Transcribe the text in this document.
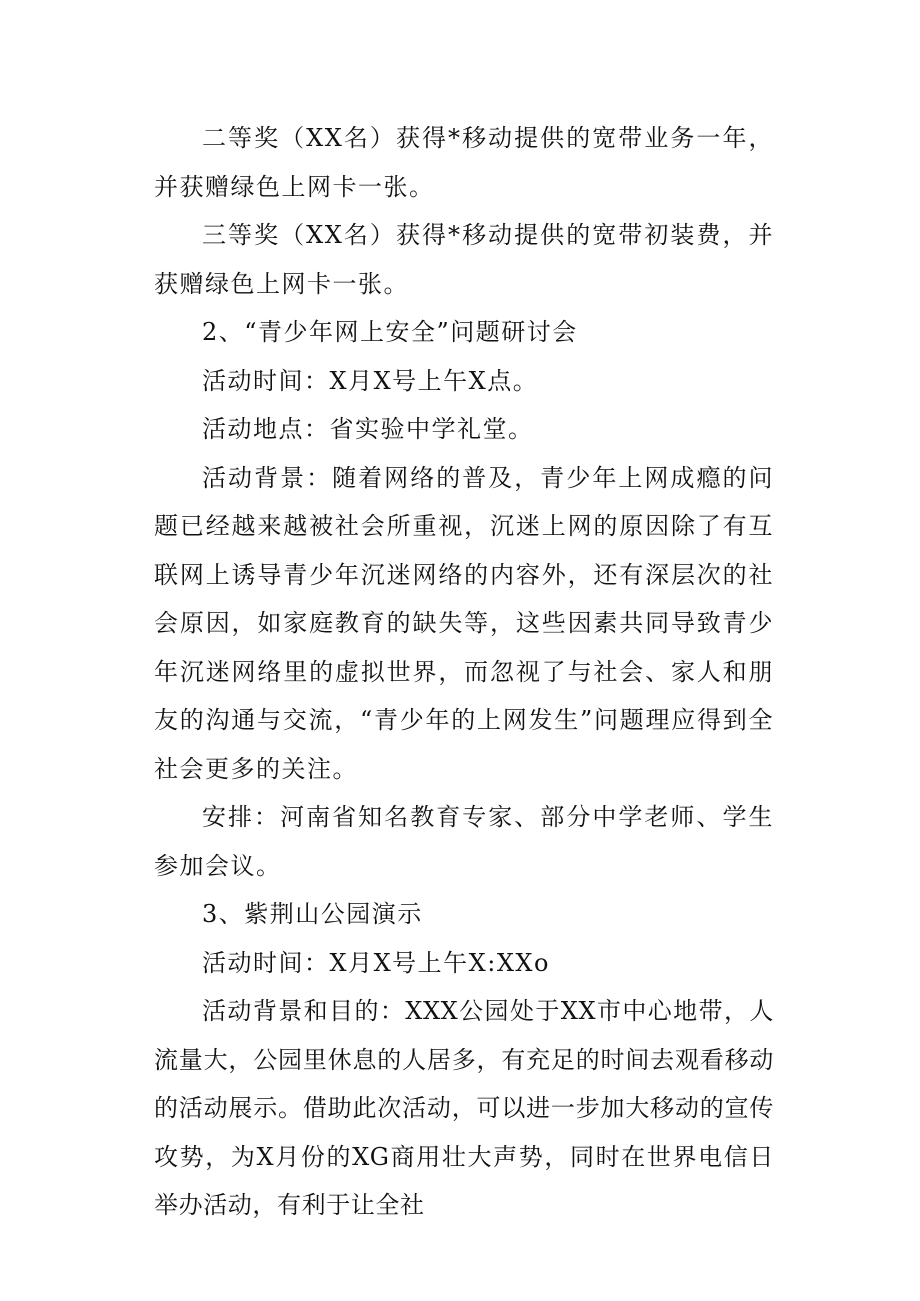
二等奖（XX名）获得*移动提供的宽带业务一年，并获赠绿色上网卡一张。

三等奖（XX名）获得*移动提供的宽带初装费，并获赠绿色上网卡一张。

2、“青少年网上安全”问题研讨会

活动时间：X月X号上午X点。

活动地点：省实验中学礼堂。

活动背景：随着网络的普及，青少年上网成瘾的问题已经越来越被社会所重视，沉迷上网的原因除了有互联网上诱导青少年沉迷网络的内容外，还有深层次的社会原因，如家庭教育的缺失等，这些因素共同导致青少年沉迷网络里的虚拟世界，而忽视了与社会、家人和朋友的沟通与交流，“青少年的上网发生”问题理应得到全社会更多的关注。

安排：河南省知名教育专家、部分中学老师、学生参加会议。

3、紫荆山公园演示

活动时间：X月X号上午X:XXo

活动背景和目的：XXX公园处于XX市中心地带，人流量大，公园里休息的人居多，有充足的时间去观看移动的活动展示。借助此次活动，可以进一步加大移动的宣传攻势，为X月份的XG商用壮大声势，同时在世界电信日举办活动，有利于让全社
